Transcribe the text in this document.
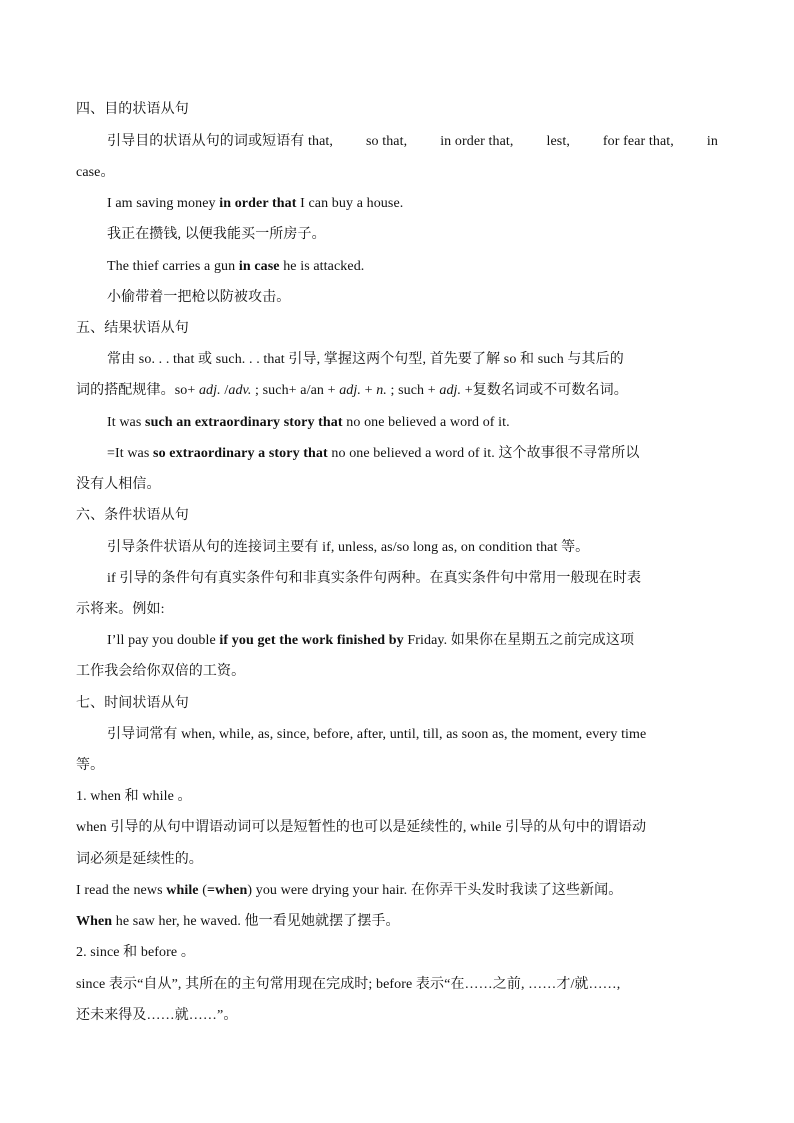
四、目的状语从句
引导目的状语从句的词或短语有 that, so that, in order that, lest, for fear that, in
case。
I am saving money in order that I can buy a house.
我正在攒钱, 以便我能买一所房子。
The thief carries a gun in case he is attacked.
小偷带着一把枪以防被攻击。
五、结果状语从句
常由 so. . . that 或 such. . . that 引导, 掌握这两个句型, 首先要了解 so 和 such 与其后的
词的搭配规律。so+ adj. /adv. ; such+ a/an + adj. + n. ; such + adj. +复数名词或不可数名词。
It was such an extraordinary story that no one believed a word of it.
=It was so extraordinary a story that no one believed a word of it. 这个故事很不寻常所以
没有人相信。
六、条件状语从句
引导条件状语从句的连接词主要有 if, unless, as/so long as, on condition that 等。
if 引导的条件句有真实条件句和非真实条件句两种。在真实条件句中常用一般现在时表
示将来。例如:
I’ll pay you double if you get the work finished by Friday. 如果你在星期五之前完成这项
工作我会给你双倍的工资。
七、时间状语从句
引导词常有 when, while, as, since, before, after, until, till, as soon as, the moment, every time
等。
1. when 和 while 。
when 引导的从句中谓语动词可以是短暂性的也可以是延续性的, while 引导的从句中的谓语动
词必须是延续性的。
I read the news while (=when) you were drying your hair. 在你弄干头发时我读了这些新闻。
When he saw her, he waved. 他一看见她就摆了摆手。
2. since 和 before 。
since 表示“自从”, 其所在的主句常用现在完成时; before 表示“在……之前, ……才/就……,
还未来得及……就……”。
